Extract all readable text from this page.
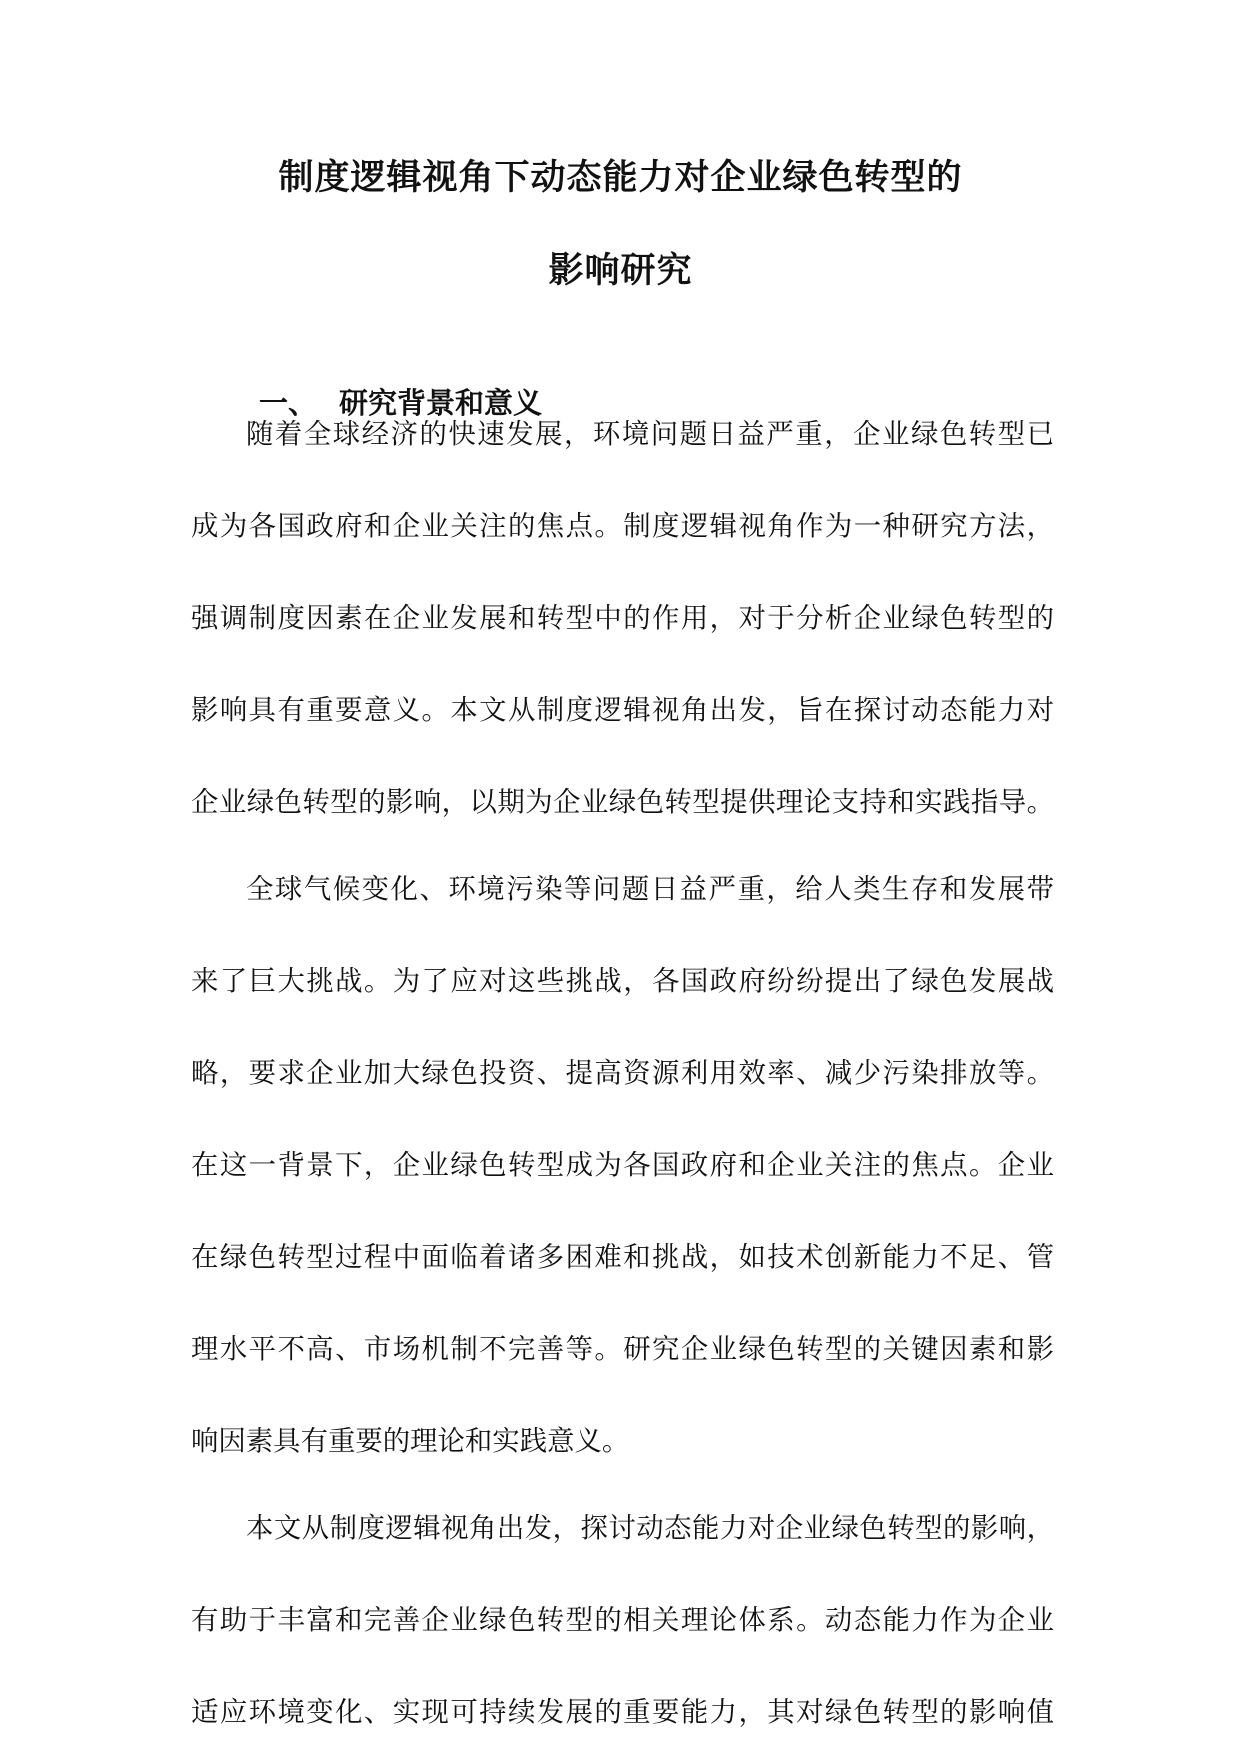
制度逻辑视角下动态能力对企业绿色转型的
影响研究
一、 研究背景和意义
随着全球经济的快速发展，环境问题日益严重，企业绿色转型已
成为各国政府和企业关注的焦点。制度逻辑视角作为一种研究方法，
强调制度因素在企业发展和转型中的作用，对于分析企业绿色转型的
影响具有重要意义。本文从制度逻辑视角出发，旨在探讨动态能力对
企业绿色转型的影响，以期为企业绿色转型提供理论支持和实践指导。
全球气候变化、环境污染等问题日益严重，给人类生存和发展带
来了巨大挑战。为了应对这些挑战，各国政府纷纷提出了绿色发展战
略，要求企业加大绿色投资、提高资源利用效率、减少污染排放等。
在这一背景下，企业绿色转型成为各国政府和企业关注的焦点。企业
在绿色转型过程中面临着诸多困难和挑战，如技术创新能力不足、管
理水平不高、市场机制不完善等。研究企业绿色转型的关键因素和影
响因素具有重要的理论和实践意义。
本文从制度逻辑视角出发，探讨动态能力对企业绿色转型的影响，
有助于丰富和完善企业绿色转型的相关理论体系。动态能力作为企业
适应环境变化、实现可持续发展的重要能力，其对绿色转型的影响值
